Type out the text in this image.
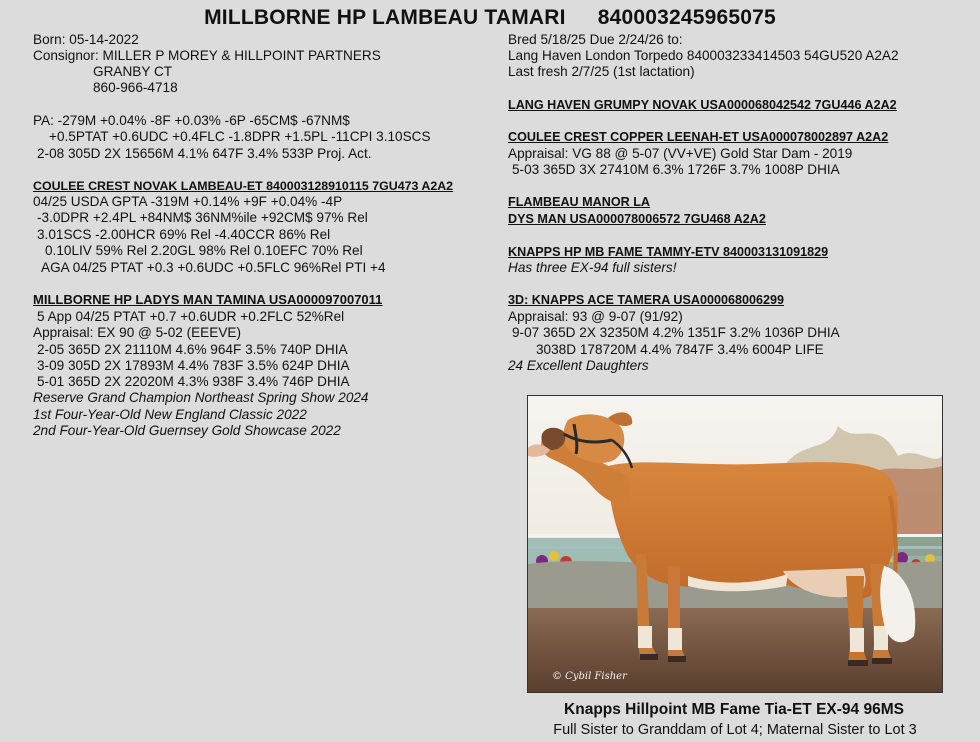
MILLBORNE HP LAMBEAU TAMARI 840003245965075
Born: 05-14-2022
Consignor: MILLER P MOREY & HILLPOINT PARTNERS
GRANBY CT
860-966-4718
PA: -279M +0.04% -8F +0.03% -6P -65CM$ -67NM$
+0.5PTAT +0.6UDC +0.4FLC -1.8DPR +1.5PL -11CPI 3.10SCS
2-08 305D 2X 15656M 4.1% 647F 3.4% 533P Proj. Act.
COULEE CREST NOVAK LAMBEAU-ET 840003128910115 7GU473 A2A2
04/25 USDA GPTA -319M +0.14% +9F +0.04% -4P
-3.0DPR +2.4PL +84NM$ 36NM%ile +92CM$ 97% Rel
3.01SCS -2.00HCR 69% Rel -4.40CCR 86% Rel
0.10LIV 59% Rel 2.20GL 98% Rel 0.10EFC 70% Rel
AGA 04/25 PTAT +0.3 +0.6UDC +0.5FLC 96%Rel PTI +4
MILLBORNE HP LADYS MAN TAMINA USA000097007011
5 App 04/25 PTAT +0.7 +0.6UDR +0.2FLC 52%Rel
Appraisal: EX 90 @ 5-02 (EEEVE)
2-05 365D 2X 21110M 4.6% 964F 3.5% 740P DHIA
3-09 305D 2X 17893M 4.4% 783F 3.5% 624P DHIA
5-01 365D 2X 22020M 4.3% 938F 3.4% 746P DHIA
Reserve Grand Champion Northeast Spring Show 2024
1st Four-Year-Old New England Classic 2022
2nd Four-Year-Old Guernsey Gold Showcase 2022
Bred 5/18/25 Due 2/24/26 to:
Lang Haven London Torpedo 840003233414503 54GU520 A2A2
Last fresh 2/7/25 (1st lactation)
LANG HAVEN GRUMPY NOVAK USA000068042542 7GU446 A2A2
COULEE CREST COPPER LEENAH-ET USA000078002897 A2A2
Appraisal: VG 88 @ 5-07 (VV+VE) Gold Star Dam - 2019
5-03 365D 3X 27410M 6.3% 1726F 3.7% 1008P DHIA
FLAMBEAU MANOR LA
DYS MAN USA000078006572 7GU468 A2A2
KNAPPS HP MB FAME TAMMY-ETV 840003131091829
Has three EX-94 full sisters!
3D: KNAPPS ACE TAMERA USA000068006299
Appraisal: 93 @ 9-07 (91/92)
9-07 365D 2X 32350M 4.2% 1351F 3.2% 1036P DHIA
3038D 178720M 4.4% 7847F 3.4% 6004P LIFE
24 Excellent Daughters
© Cybil Fisher
Knapps Hillpoint MB Fame Tia-ET EX-94 96MS
Full Sister to Granddam of Lot 4; Maternal Sister to Lot 3
